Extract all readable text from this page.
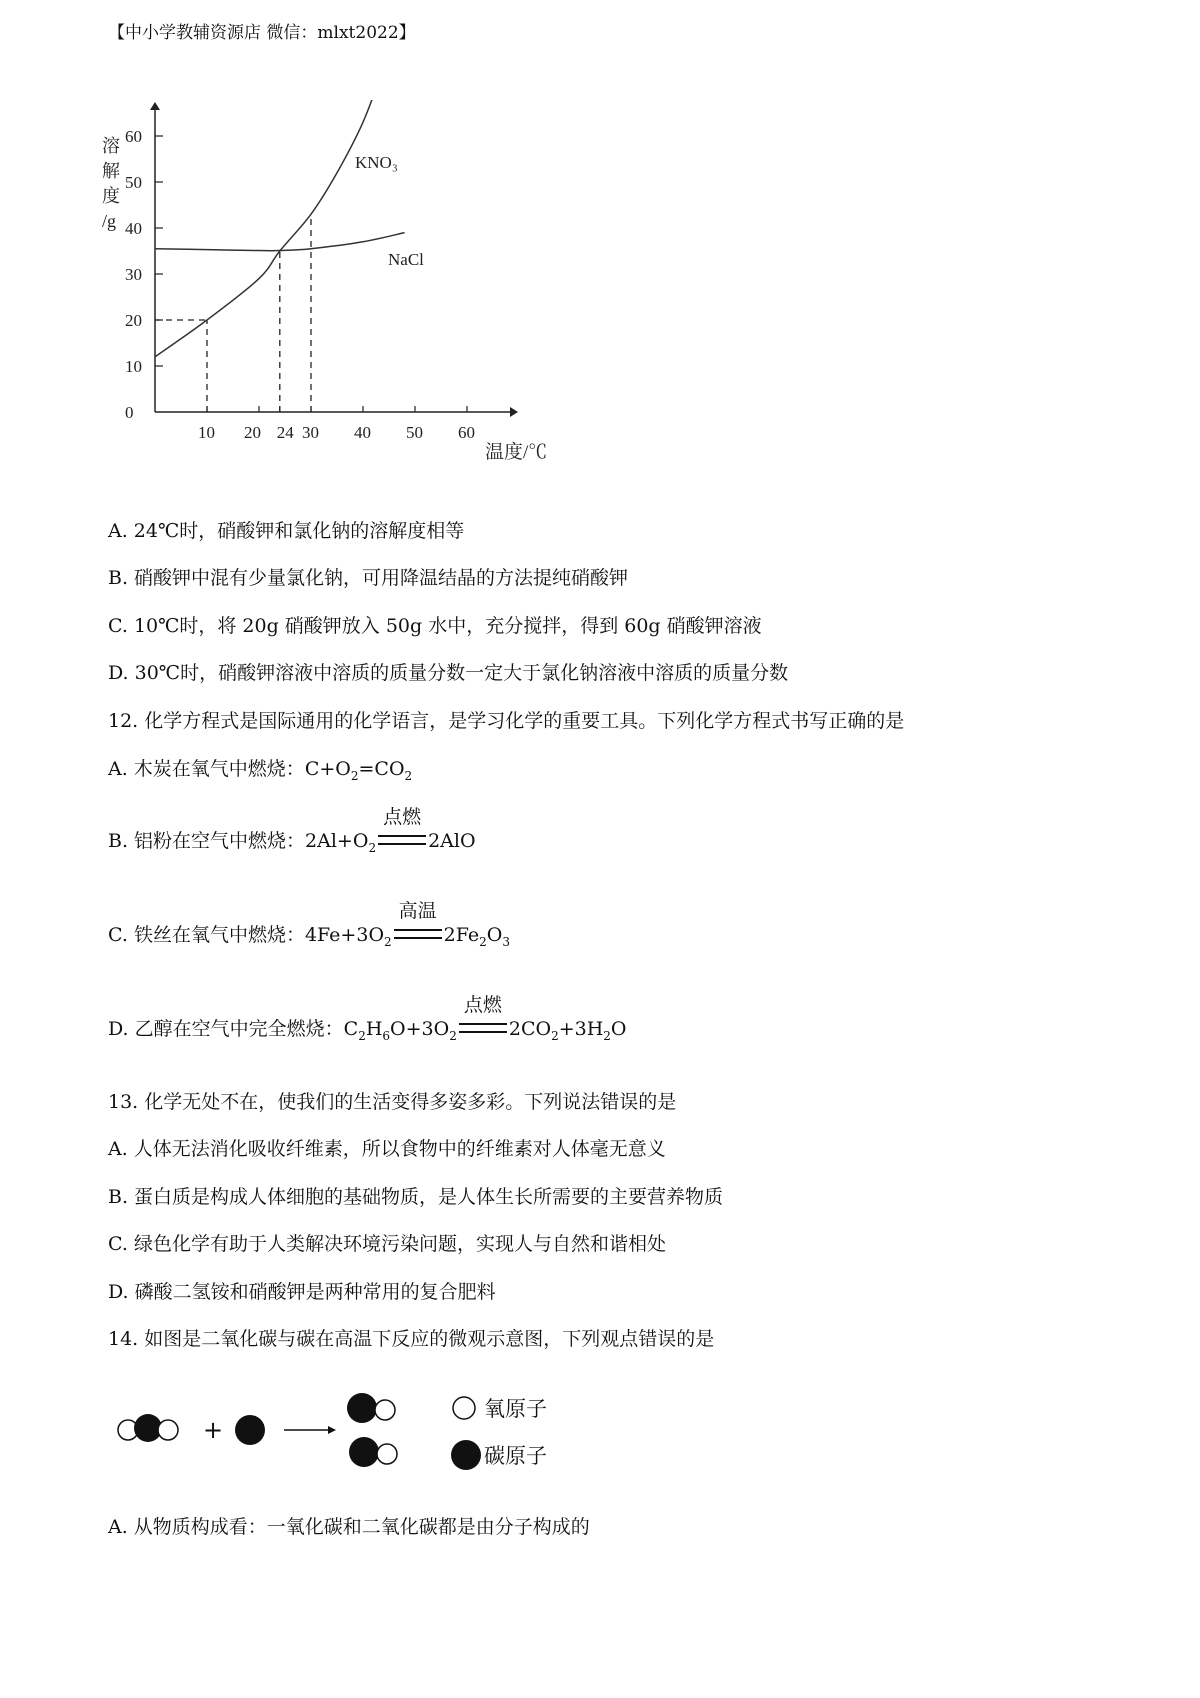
【中小学教辅资源店 微信：mlxt2022】
0
10
20
30
40
50
60
10 20 24 30 40 50 60
KNO₃
NaCl
溶
解
度
/g
温度/℃
A. 24℃时，硝酸钾和氯化钠的溶解度相等
B. 硝酸钾中混有少量氯化钠，可用降温结晶的方法提纯硝酸钾
C. 10℃时，将 20g 硝酸钾放入 50g 水中，充分搅拌，得到 60g 硝酸钾溶液
D. 30℃时，硝酸钾溶液中溶质的质量分数一定大于氯化钠溶液中溶质的质量分数
12. 化学方程式是国际通用的化学语言，是学习化学的重要工具。下列化学方程式书写正确的是
A. 木炭在氧气中燃烧：$C+O_2=CO_2$
B. 铝粉在空气中燃烧：$2Al+O_2$
点燃
2AlO
C. 铁丝在氧气中燃烧：$4Fe+3O_2$
高温
$2Fe_2O_3$
D. 乙醇在空气中完全燃烧：$C_2H_6O+3O_2$
点燃
$2CO_2+3H_2O$
13. 化学无处不在，使我们的生活变得多姿多彩。下列说法错误的是
A. 人体无法消化吸收纤维素，所以食物中的纤维素对人体毫无意义
B. 蛋白质是构成人体细胞的基础物质，是人体生长所需要的主要营养物质
C. 绿色化学有助于人类解决环境污染问题，实现人与自然和谐相处
D. 磷酸二氢铵和硝酸钾是两种常用的复合肥料
14. 如图是二氧化碳与碳在高温下反应的微观示意图，下列观点错误的是
+
氧原子
碳原子
A. 从物质构成看：一氧化碳和二氧化碳都是由分子构成的
